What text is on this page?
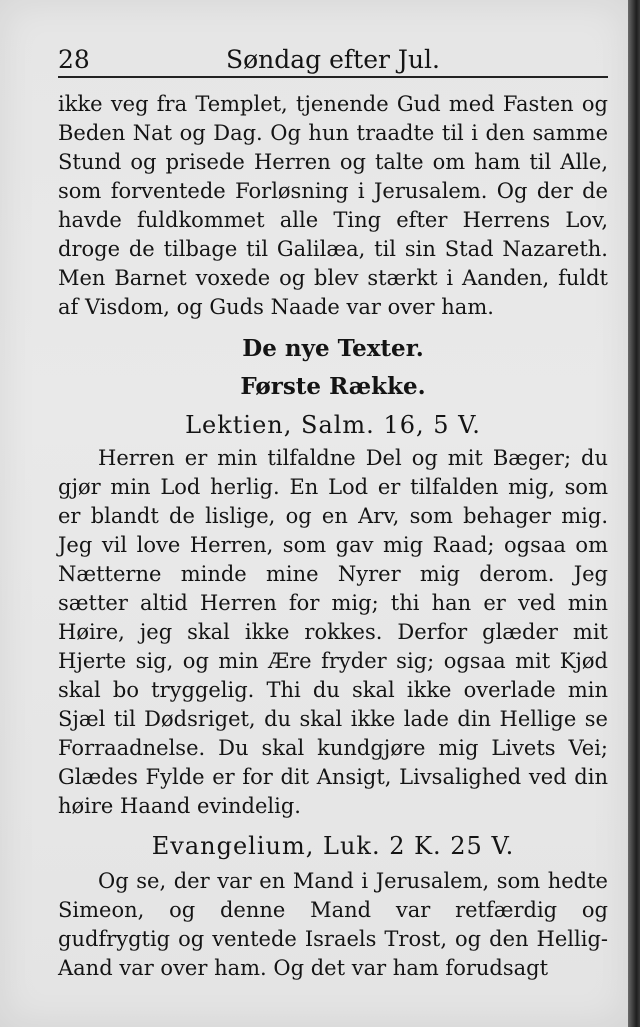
28	Søndag efter Jul.

ikke veg fra Templet, tjenende Gud med Fasten og Beden Nat og Dag. Og hun traadte til i den samme Stund og prisede Herren og talte om ham til Alle, som forventede Forløsning i Jerusalem. Og der de havde fuldkommet alle Ting efter Herrens Lov, droge de tilbage til Galilæa, til sin Stad Nazareth. Men Barnet voxede og blev stærkt i Aanden, fuldt af Visdom, og Guds Naade var over ham.

De nye Texter.

Første Række.

Lektien, Salm. 16, 5 V.

Herren er min tilfaldne Del og mit Bæger; du gjør min Lod herlig. En Lod er tilfalden mig, som er blandt de lislige, og en Arv, som behager mig. Jeg vil love Herren, som gav mig Raad; ogsaa om Nætterne minde mine Nyrer mig derom. Jeg sætter altid Herren for mig; thi han er ved min Høire, jeg skal ikke rokkes. Derfor glæder mit Hjerte sig, og min Ære fryder sig; ogsaa mit Kjød skal bo tryggelig. Thi du skal ikke overlade min Sjæl til Dødsriget, du skal ikke lade din Hellige se Forraadnelse. Du skal kundgjøre mig Livets Vei; Glædes Fylde er for dit Ansigt, Livsalighed ved din høire Haand evindelig.

Evangelium, Luk. 2 K. 25 V.

Og se, der var en Mand i Jerusalem, som hedte Simeon, og denne Mand var retfærdig og gudfrygtig og ventede Israels Trost, og den Hellig-Aand var over ham. Og det var ham forudsagt
